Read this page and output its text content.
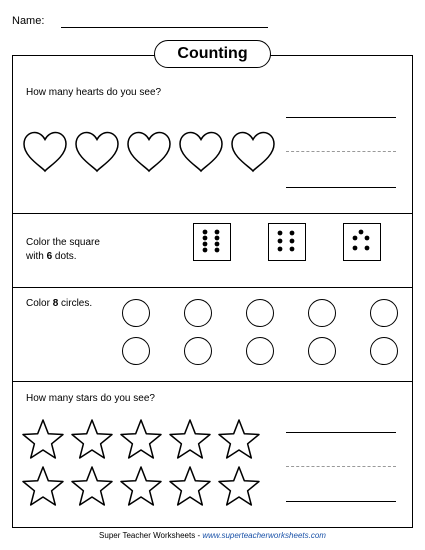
Name:
Counting
How many hearts do you see?
Color the square
with 6 dots.
Color 8 circles.
How many stars do you see?
Super Teacher Worksheets - www.superteacherworksheets.com
